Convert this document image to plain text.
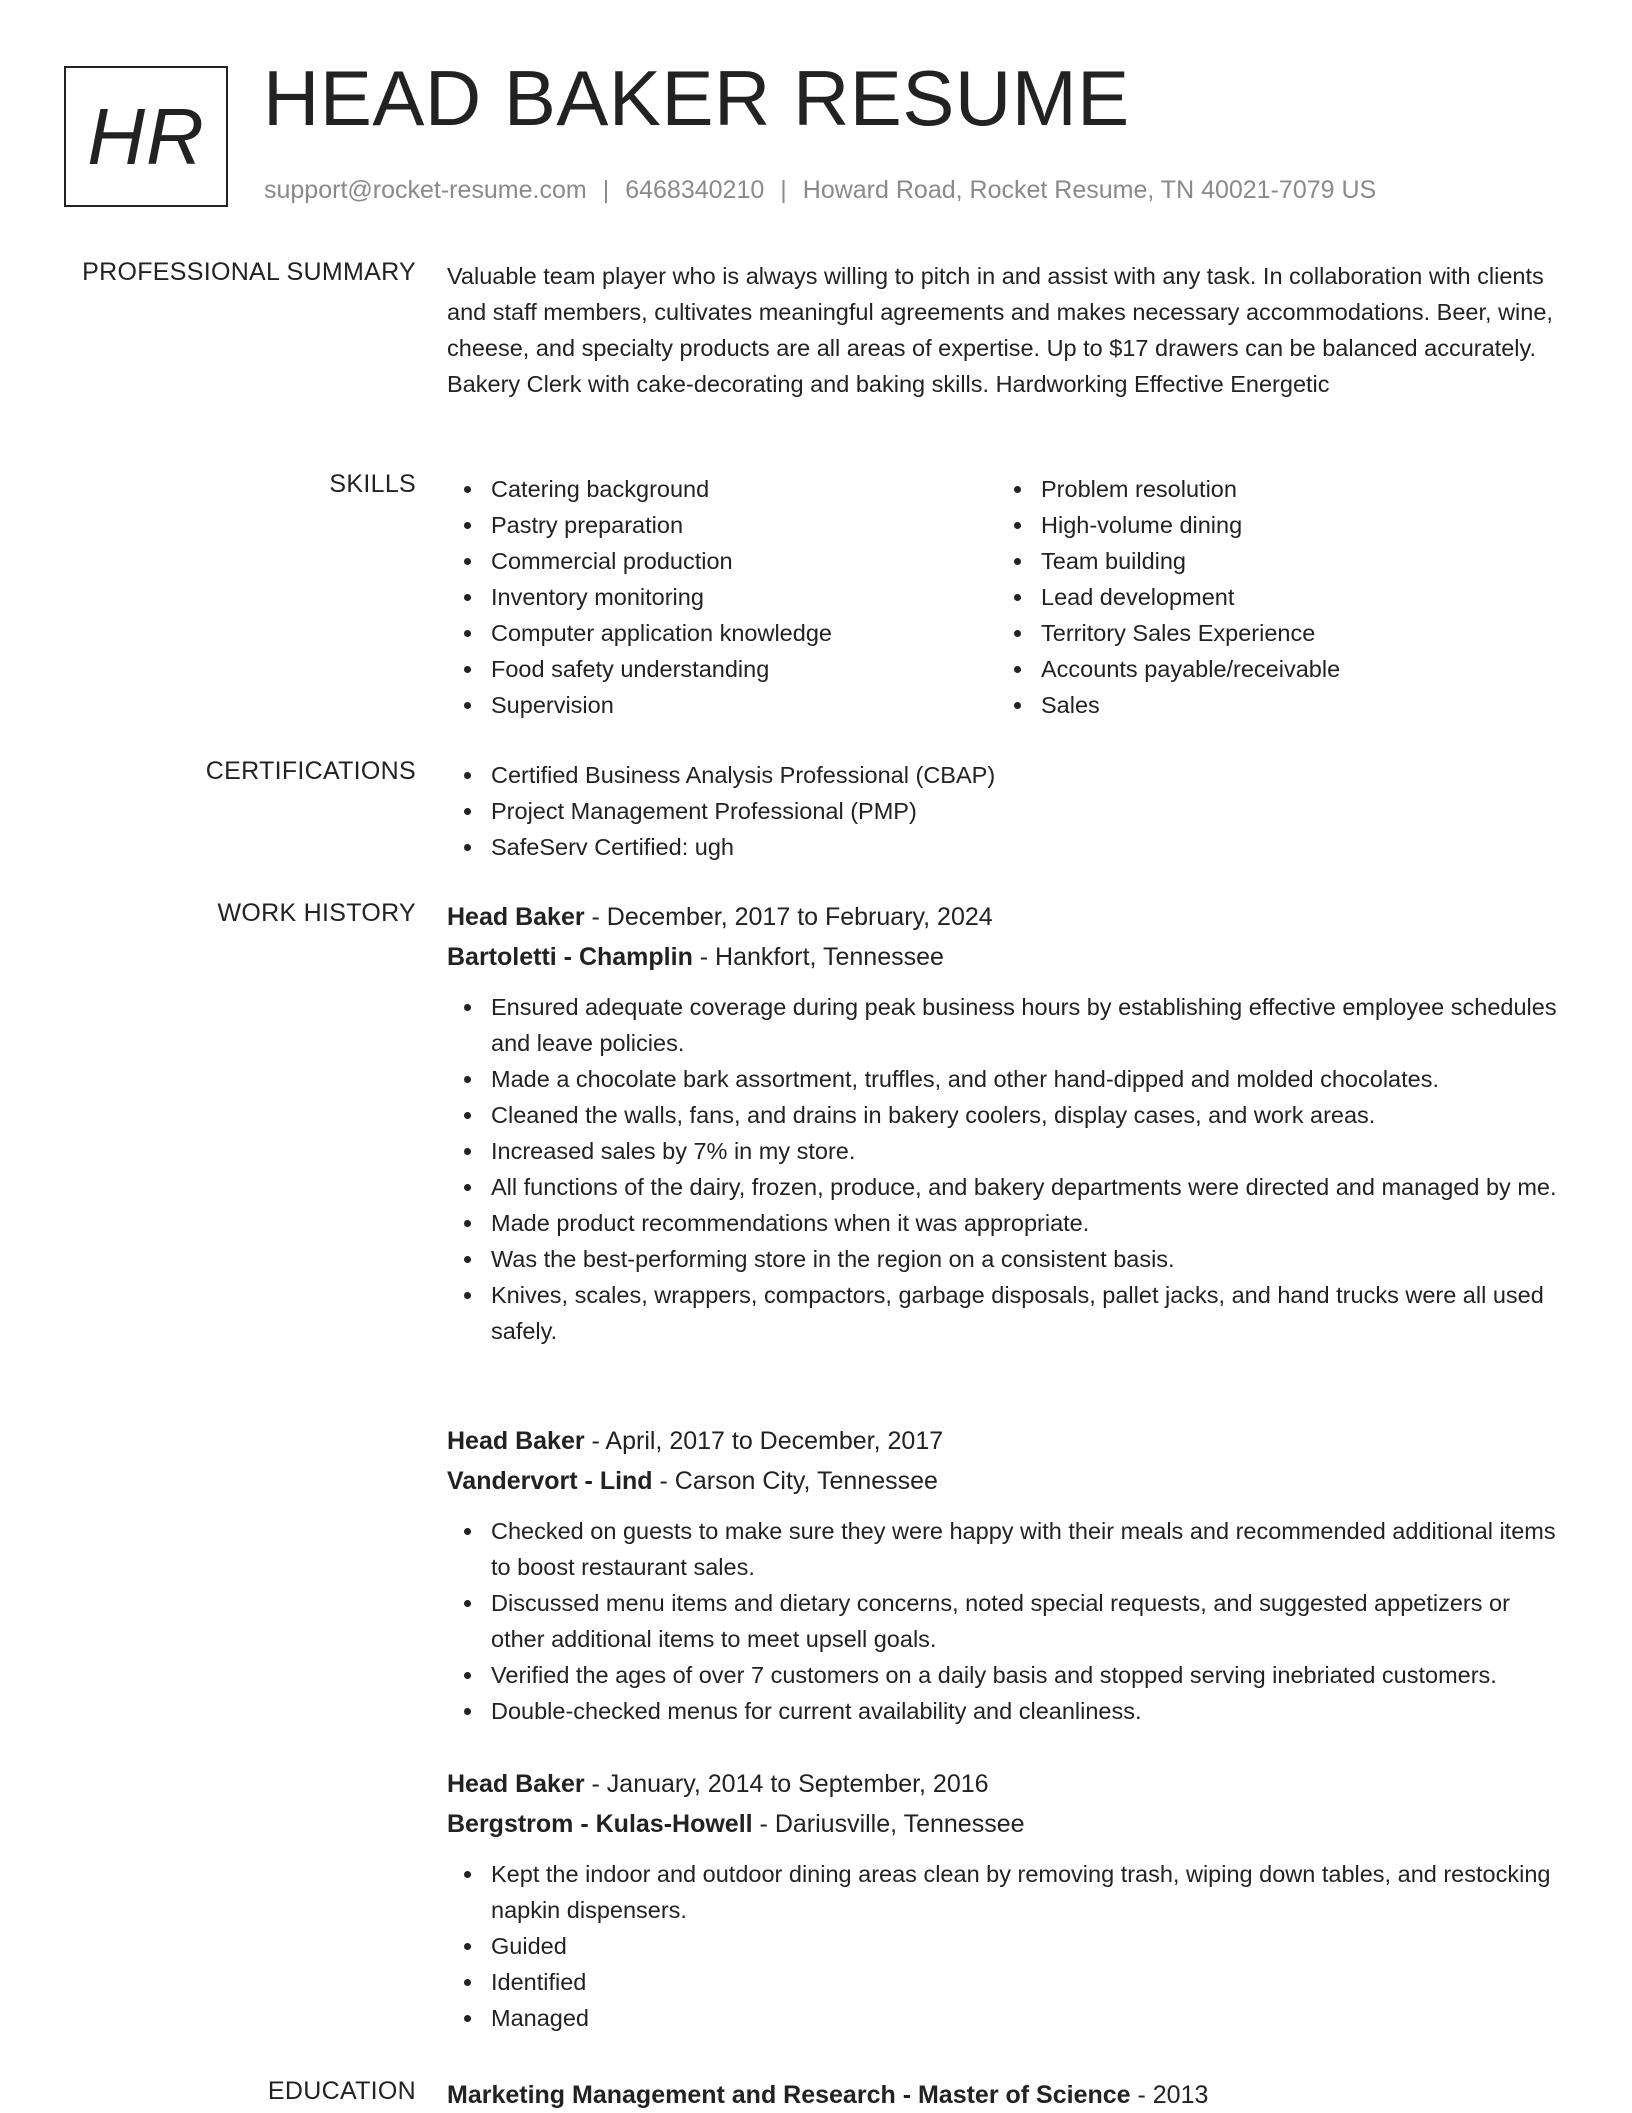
HR HEAD BAKER RESUME
support@rocket-resume.com | 6468340210 | Howard Road, Rocket Resume, TN 40021-7079 US
PROFESSIONAL SUMMARY Valuable team player who is always willing to pitch in and assist with any task. In collaboration with clients and staff members, cultivates meaningful agreements and makes necessary accommodations. Beer, wine, cheese, and specialty products are all areas of expertise. Up to $17 drawers can be balanced accurately. Bakery Clerk with cake-decorating and baking skills. Hardworking Effective Energetic

SKILLS	Catering background
Pastry preparation
Commercial production
Inventory monitoring
Computer application knowledge
Food safety understanding
Supervision
Problem resolution
High-volume dining
Team building
Lead development
Territory Sales Experience
Accounts payable/receivable
Sales
CERTIFICATIONS	Certified Business Analysis Professional (CBAP)
Project Management Professional (PMP)
SafeServ Certified: ugh
WORK HISTORY Head Baker - December, 2017 to February, 2024
Bartoletti - Champlin - Hankfort, Tennessee
Ensured adequate coverage during peak business hours by establishing effective employee schedules and leave policies.
Made a chocolate bark assortment, truffles, and other hand-dipped and molded chocolates.
Cleaned the walls, fans, and drains in bakery coolers, display cases, and work areas.
Increased sales by 7% in my store.
All functions of the dairy, frozen, produce, and bakery departments were directed and managed by me.
Made product recommendations when it was appropriate.
Was the best-performing store in the region on a consistent basis.
Knives, scales, wrappers, compactors, garbage disposals, pallet jacks, and hand trucks were all used safely.
Head Baker - April, 2017 to December, 2017
Vandervort - Lind - Carson City, Tennessee
Checked on guests to make sure they were happy with their meals and recommended additional items to boost restaurant sales.
Discussed menu items and dietary concerns, noted special requests, and suggested appetizers or other additional items to meet upsell goals.
Verified the ages of over 7 customers on a daily basis and stopped serving inebriated customers.
Double-checked menus for current availability and cleanliness.
Head Baker - January, 2014 to September, 2016
Bergstrom - Kulas-Howell - Dariusville, Tennessee
Kept the indoor and outdoor dining areas clean by removing trash, wiping down tables, and restocking napkin dispensers.
Guided
Identified
Managed
EDUCATION Marketing Management and Research - Master of Science - 2013
